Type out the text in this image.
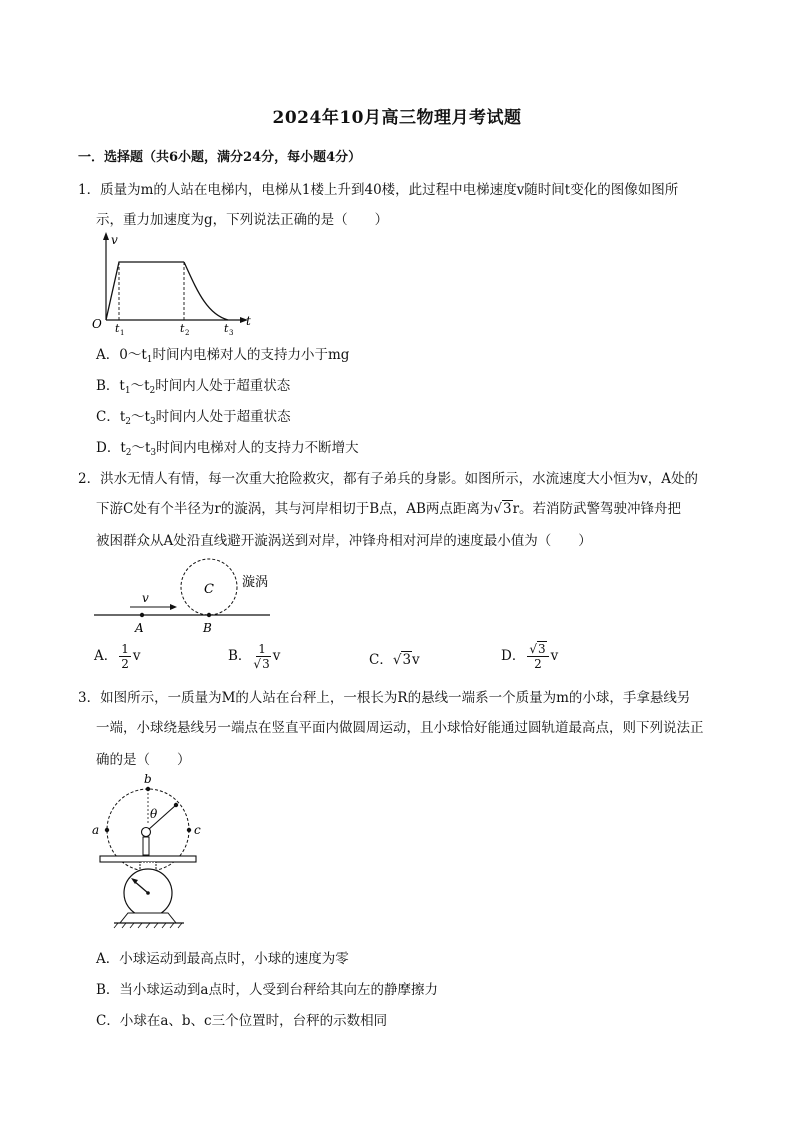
2024年10月高三物理月考试题
一．选择题（共6小题，满分24分，每小题4分）
1．质量为m的人站在电梯内，电梯从1楼上升到40楼，此过程中电梯速度v随时间t变化的图像如图所
示，重力加速度为g，下列说法正确的是（　　）
v
t
O t 1	t 2	t 3
A．$0\sim t_1$时间内电梯对人的支持力小于mg
B．$t_1\sim t_2$时间内人处于超重状态
C．$t_2\sim t_3$时间内人处于超重状态
D．$t_2\sim t_3$时间内电梯对人的支持力不断增大
2．洪水无情人有情，每一次重大抢险救灾，都有子弟兵的身影。如图所示，水流速度大小恒为v，A处的
下游C处有个半径为r的漩涡，其与河岸相切于B点，AB两点距离为√3r。若消防武警驾驶冲锋舟把
被困群众从A处沿直线避开漩涡送到对岸，冲锋舟相对河岸的速度最小值为（　　）
C 漩涡
v
A	B
A． $\frac{1}{2}$ v	B． $\frac{1}{√3}$ v	C．√3v	D． $\frac{√3}{2}$ v
3．如图所示，一质量为M的人站在台秤上，一根长为R的悬线一端系一个质量为m的小球，手拿悬线另
一端，小球绕悬线另一端点在竖直平面内做圆周运动，且小球恰好能通过圆轨道最高点，则下列说法正
确的是（　　）
b
a	c
θ
A．小球运动到最高点时，小球的速度为零
B．当小球运动到a点时，人受到台秤给其向左的静摩擦力
C．小球在a、b、c三个位置时，台秤的示数相同
